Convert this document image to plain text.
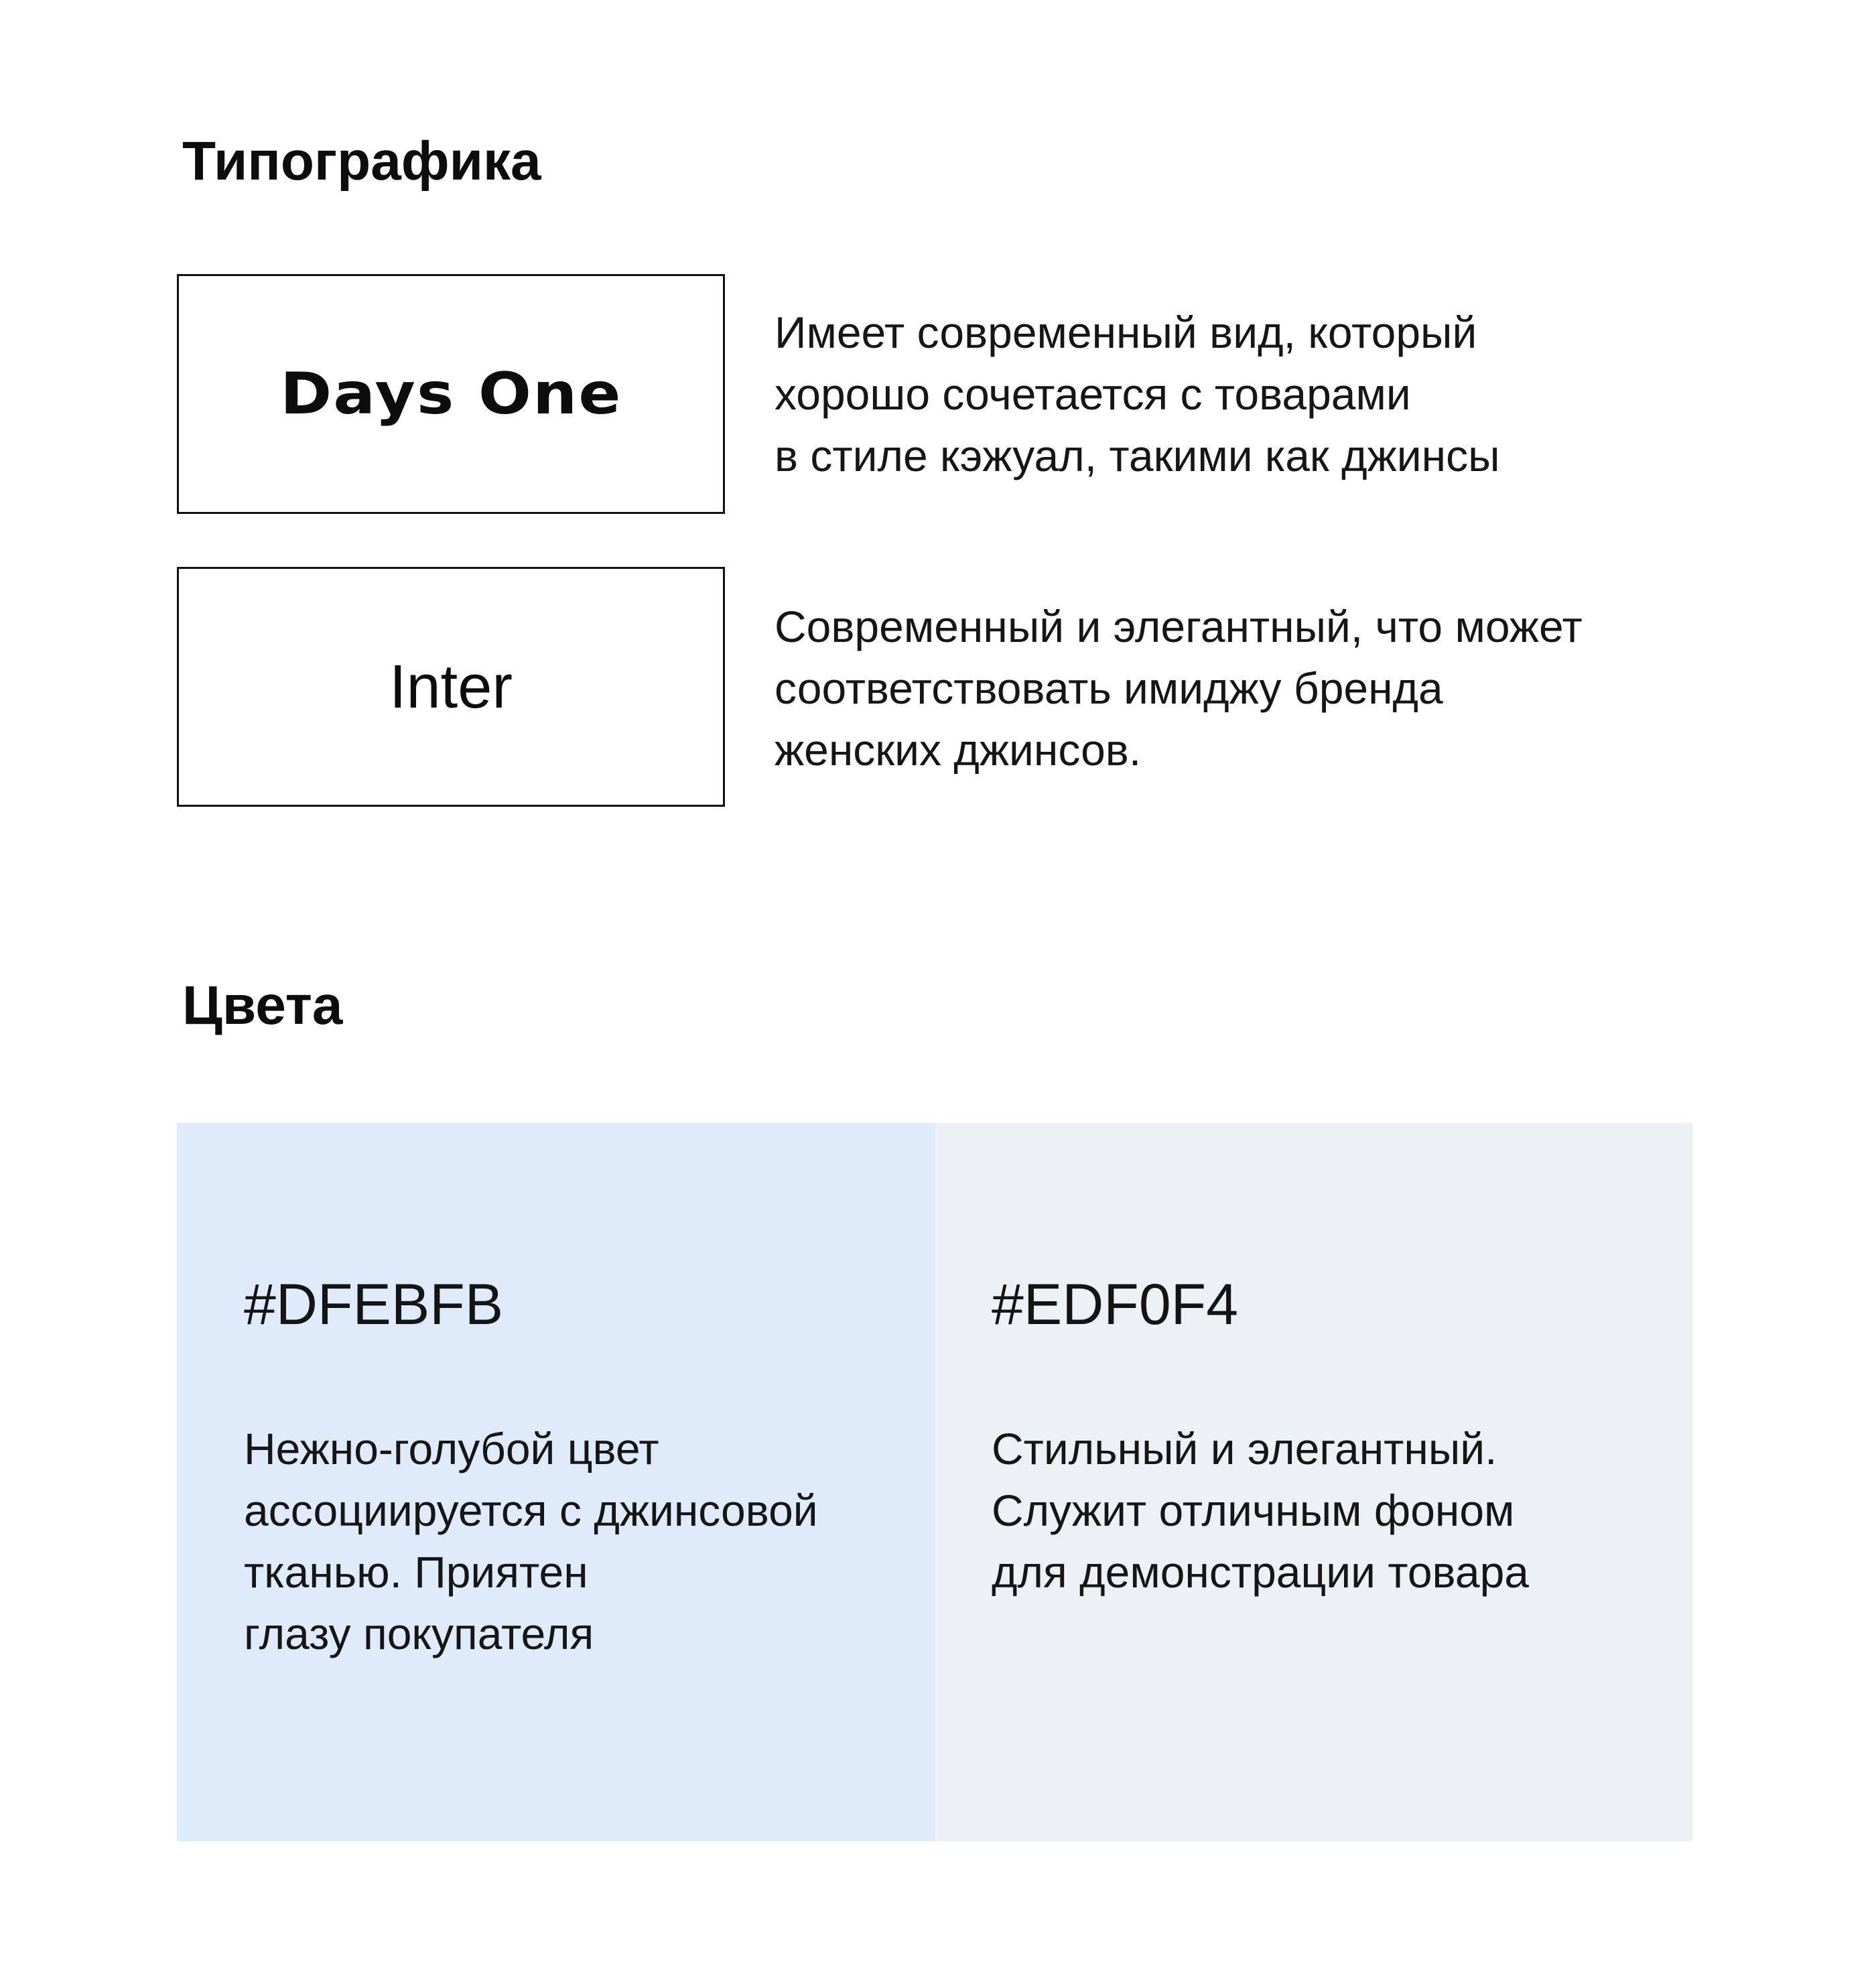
Типографика
Days One

Имеет современный вид, который
хорошо сочетается с товарами
в стиле кэжуал, такими как джинсы

Inter

Современный и элегантный, что может
соответствовать имиджу бренда
женских джинсов.

Цвета

#DFEBFB

Нежно-голубой цвет
ассоциируется с джинсовой
тканью. Приятен
глазу покупателя

#EDF0F4

Стильный и элегантный.
Служит отличным фоном
для демонстрации товара
